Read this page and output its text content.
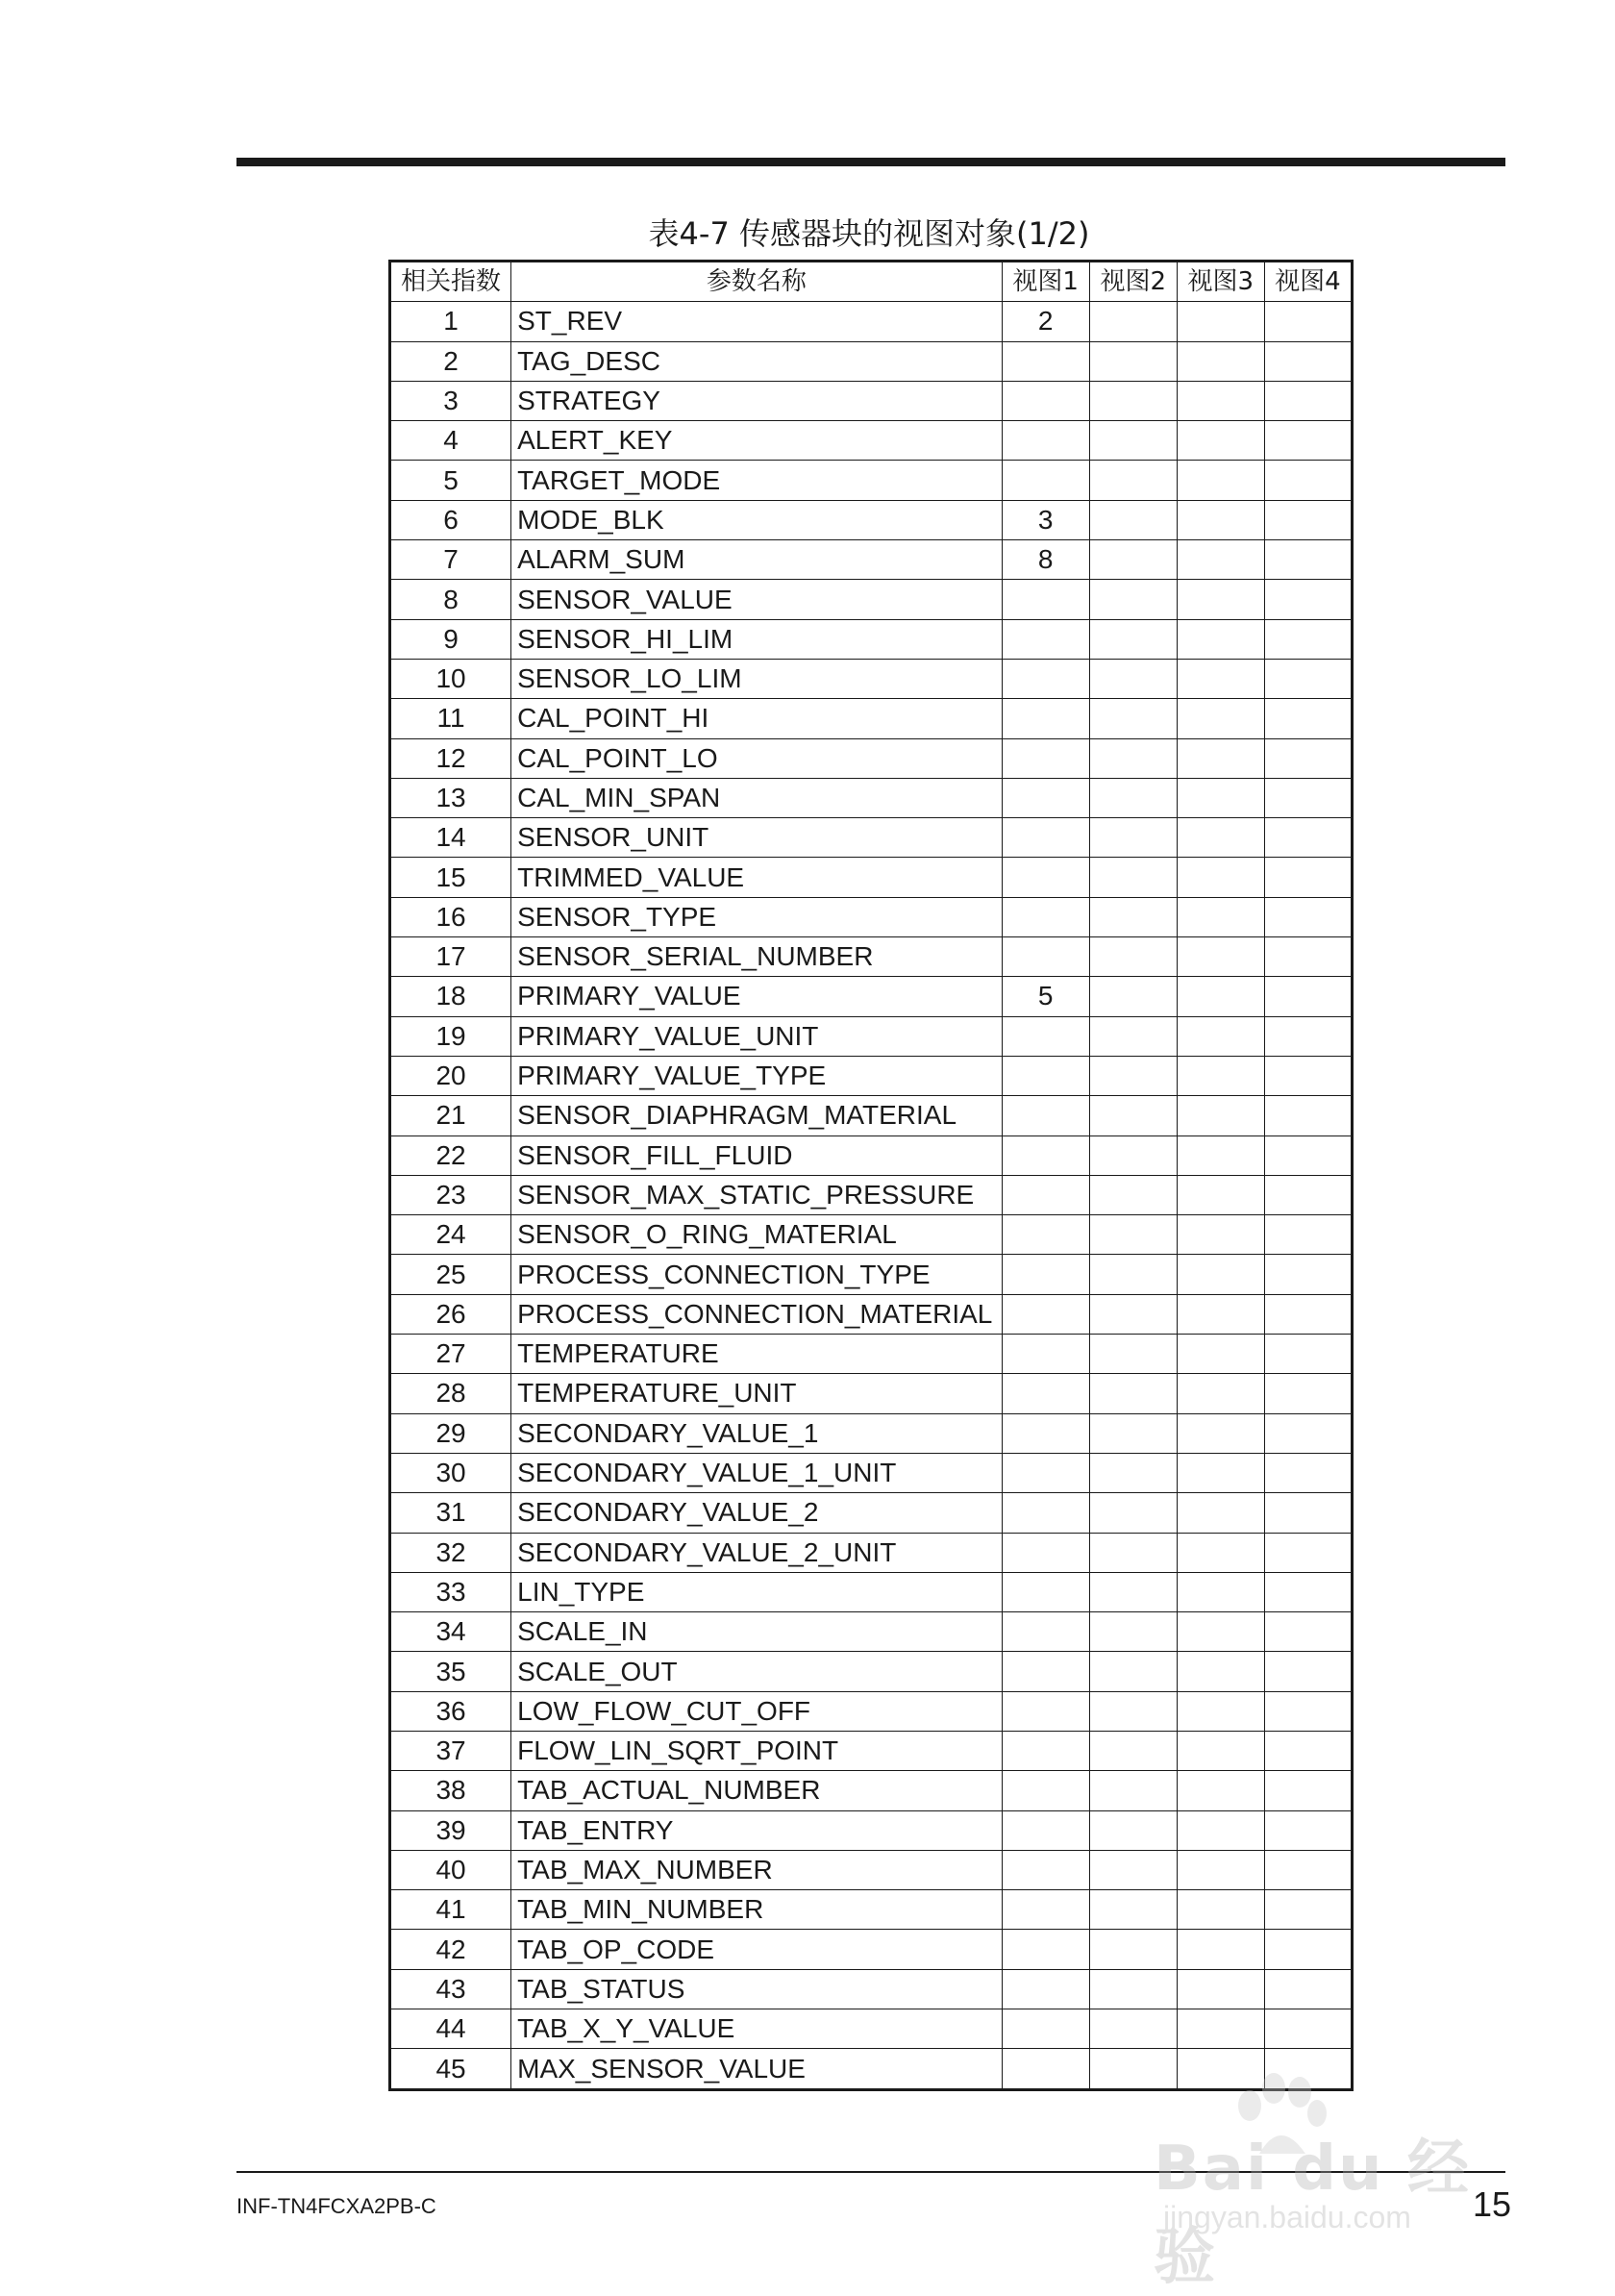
表4-7 传感器块的视图对象(1/2)
相关指数	参数名称	视图1	视图2	视图3	视图4
1	ST_REV	2			
2	TAG_DESC				
3	STRATEGY				
4	ALERT_KEY				
5	TARGET_MODE				
6	MODE_BLK	3			
7	ALARM_SUM	8			
8	SENSOR_VALUE				
9	SENSOR_HI_LIM				
10	SENSOR_LO_LIM				
11	CAL_POINT_HI				
12	CAL_POINT_LO				
13	CAL_MIN_SPAN				
14	SENSOR_UNIT				
15	TRIMMED_VALUE				
16	SENSOR_TYPE				
17	SENSOR_SERIAL_NUMBER				
18	PRIMARY_VALUE	5			
19	PRIMARY_VALUE_UNIT				
20	PRIMARY_VALUE_TYPE				
21	SENSOR_DIAPHRAGM_MATERIAL				
22	SENSOR_FILL_FLUID				
23	SENSOR_MAX_STATIC_PRESSURE				
24	SENSOR_O_RING_MATERIAL				
25	PROCESS_CONNECTION_TYPE				
26	PROCESS_CONNECTION_MATERIAL				
27	TEMPERATURE				
28	TEMPERATURE_UNIT				
29	SECONDARY_VALUE_1				
30	SECONDARY_VALUE_1_UNIT				
31	SECONDARY_VALUE_2				
32	SECONDARY_VALUE_2_UNIT				
33	LIN_TYPE				
34	SCALE_IN				
35	SCALE_OUT				
36	LOW_FLOW_CUT_OFF				
37	FLOW_LIN_SQRT_POINT				
38	TAB_ACTUAL_NUMBER				
39	TAB_ENTRY				
40	TAB_MAX_NUMBER				
41	TAB_MIN_NUMBER				
42	TAB_OP_CODE				
43	TAB_STATUS				
44	TAB_X_Y_VALUE				
45	MAX_SENSOR_VALUE				
INF-TN4FCXA2PB-C	15
Bai du 经验
jingyan.baidu.com
